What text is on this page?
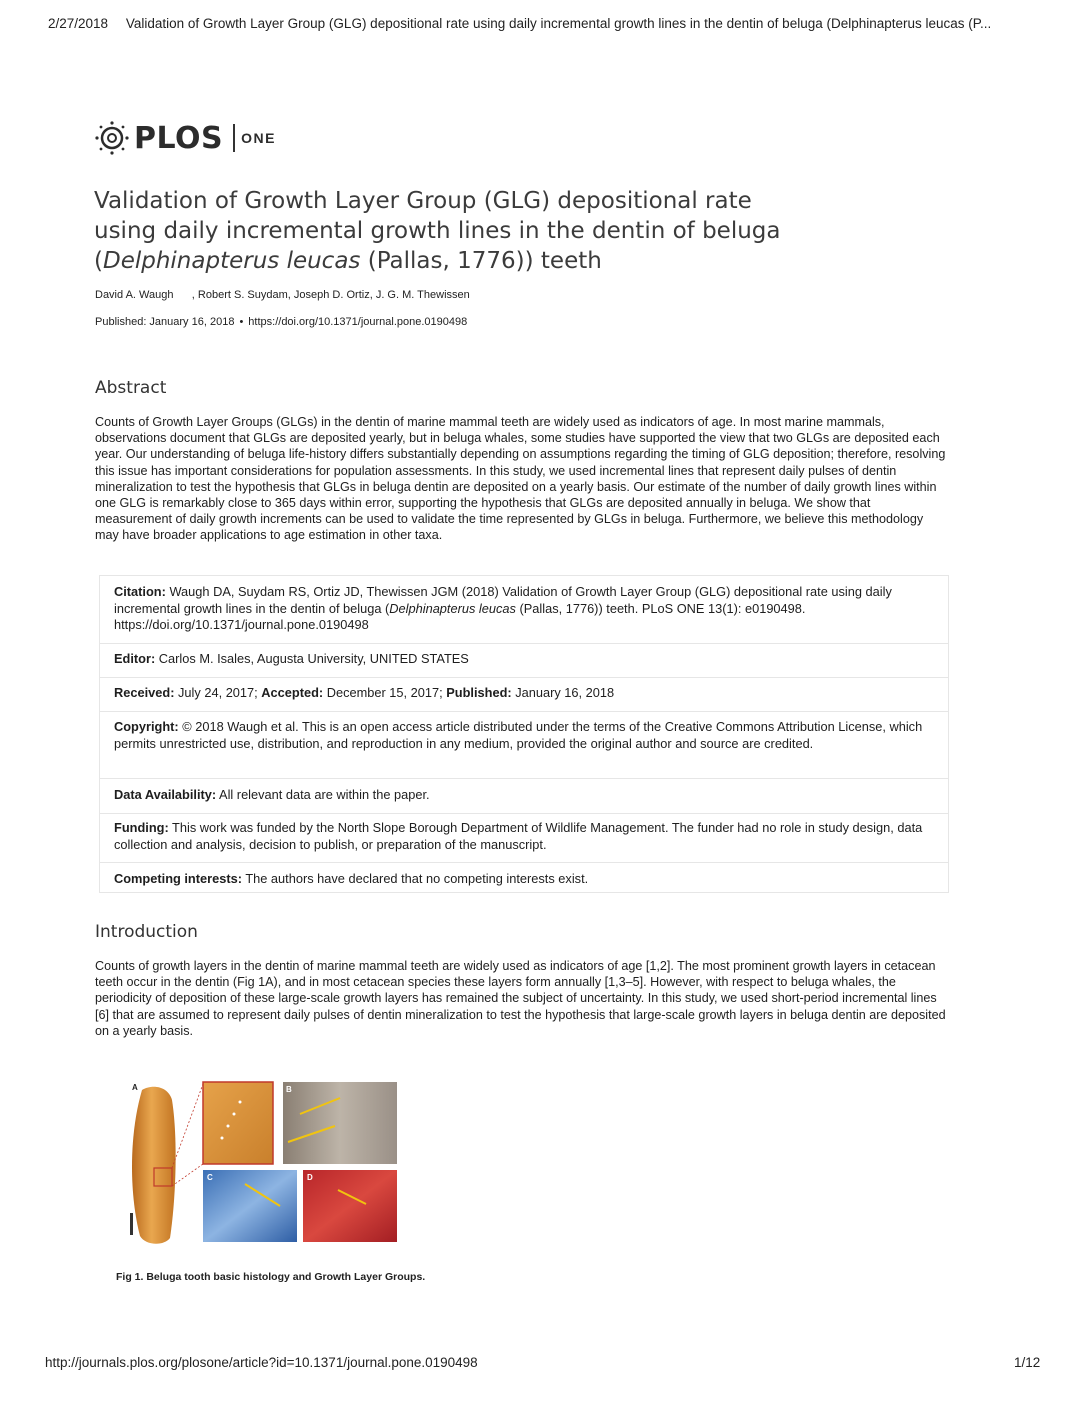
2/27/2018 Validation of Growth Layer Group (GLG) depositional rate using daily incremental growth lines in the dentin of beluga (Delphinapterus leucas (P...
PLOS ONE
Validation of Growth Layer Group (GLG) depositional rate
using daily incremental growth lines in the dentin of beluga
(Delphinapterus leucas (Pallas, 1776)) teeth
David A. Waugh      , Robert S. Suydam, Joseph D. Ortiz, J. G. M. Thewissen
Published: January 16, 2018 • https://doi.org/10.1371/journal.pone.0190498
Abstract

Counts of Growth Layer Groups (GLGs) in the dentin of marine mammal teeth are widely used as indicators of age. In most marine mammals, observations document that GLGs are deposited yearly, but in beluga whales, some studies have supported the view that two GLGs are deposited each year. Our understanding of beluga life-history differs substantially depending on assumptions regarding the timing of GLG deposition; therefore, resolving this issue has important considerations for population assessments. In this study, we used incremental lines that represent daily pulses of dentin mineralization to test the hypothesis that GLGs in beluga dentin are deposited on a yearly basis. Our estimate of the number of daily growth lines within one GLG is remarkably close to 365 days within error, supporting the hypothesis that GLGs are deposited annually in beluga. We show that measurement of daily growth increments can be used to validate the time represented by GLGs in beluga. Furthermore, we believe this methodology may have broader applications to age estimation in other taxa.

Citation: Waugh DA, Suydam RS, Ortiz JD, Thewissen JGM (2018) Validation of Growth Layer Group (GLG) depositional rate using daily incremental growth lines in the dentin of beluga (Delphinapterus leucas (Pallas, 1776)) teeth. PLoS ONE 13(1): e0190498. https://doi.org/10.1371/journal.pone.0190498
Editor: Carlos M. Isales, Augusta University, UNITED STATES
Received: July 24, 2017; Accepted: December 15, 2017; Published: January 16, 2018
Copyright: © 2018 Waugh et al. This is an open access article distributed under the terms of the Creative Commons Attribution License, which permits unrestricted use, distribution, and reproduction in any medium, provided the original author and source are credited.
Data Availability: All relevant data are within the paper.
Funding: This work was funded by the North Slope Borough Department of Wildlife Management. The funder had no role in study design, data collection and analysis, decision to publish, or preparation of the manuscript.
Competing interests: The authors have declared that no competing interests exist.
Introduction

Counts of growth layers in the dentin of marine mammal teeth are widely used as indicators of age [1,2]. The most prominent growth layers in cetacean teeth occur in the dentin (Fig 1A), and in most cetacean species these layers form annually [1,3–5]. However, with respect to beluga whales, the periodicity of deposition of these large-scale growth layers has remained the subject of uncertainty. In this study, we used short-period incremental lines [6] that are assumed to represent daily pulses of dentin mineralization to test the hypothesis that large-scale growth layers in beluga dentin are deposited on a yearly basis.

A	B
C	D
Fig 1. Beluga tooth basic histology and Growth Layer Groups.
http://journals.plos.org/plosone/article?id=10.1371/journal.pone.0190498	1/12
